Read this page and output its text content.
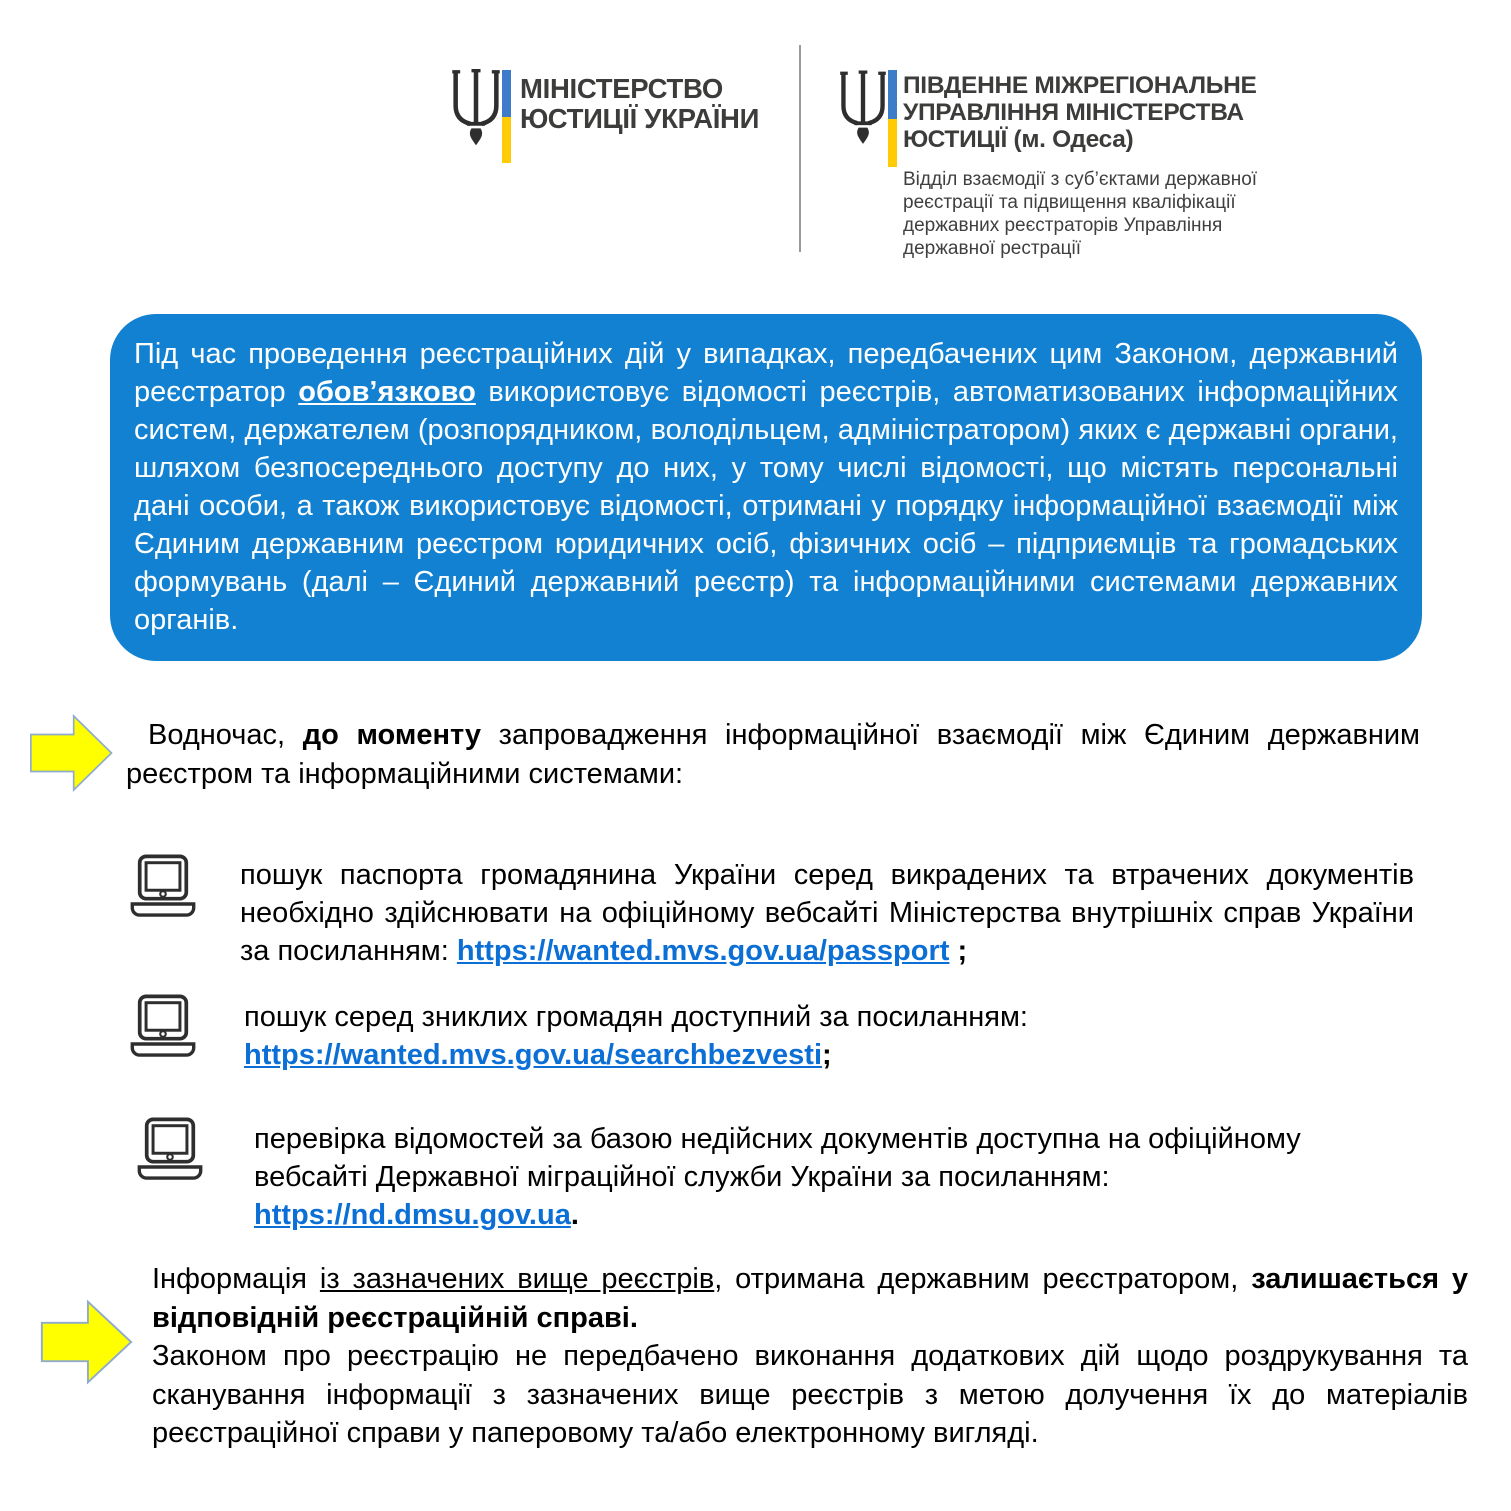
МІНІСТЕРСТВО
ЮСТИЦІЇ УКРАЇНИ
ПІВДЕННЕ МІЖРЕГІОНАЛЬНЕ
УПРАВЛІННЯ МІНІСТЕРСТВА
ЮСТИЦІЇ (м. Одеса)
Відділ взаємодії з суб’єктами державної реєстрації та підвищення кваліфікації державних реєстраторів Управління державної рестрації

Під час проведення реєстраційних дій у випадках, передбачених цим Законом, державний реєстратор обов’язково використовує відомості реєстрів, автоматизованих інформаційних систем, держателем (розпорядником, володільцем, адміністратором) яких є державні органи, шляхом безпосереднього доступу до них, у тому числі відомості, що містять персональні дані особи, а також використовує відомості, отримані у порядку інформаційної взаємодії між Єдиним державним реєстром юридичних осіб, фізичних осіб – підприємців та громадських формувань (далі – Єдиний державний реєстр) та інформаційними системами державних органів.

Водночас, до моменту запровадження інформаційної взаємодії між Єдиним державним реєстром та інформаційними системами:

пошук паспорта громадянина України серед викрадених та втрачених документів необхідно здійснювати на офіційному вебсайті Міністерства внутрішніх справ України за посиланням: https://wanted.mvs.gov.ua/passport ;

пошук серед зниклих громадян доступний за посиланням: https://wanted.mvs.gov.ua/searchbezvesti;

перевірка відомостей за базою недійсних документів доступна на офіційному вебсайті Державної міграційної служби України за посиланням: https://nd.dmsu.gov.ua.

Інформація із зазначених вище реєстрів, отримана державним реєстратором, залишається у відповідній реєстраційній справі.

Законом про реєстрацію не передбачено виконання додаткових дій щодо роздрукування та сканування інформації з зазначених вище реєстрів з метою долучення їх до матеріалів реєстраційної справи у паперовому та/або електронному вигляді.
